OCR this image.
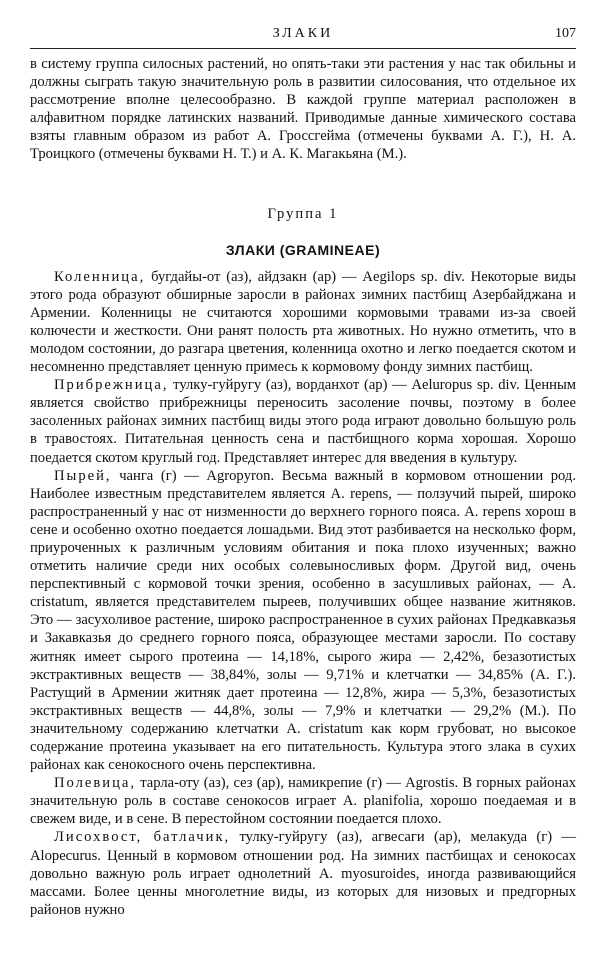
ЗЛАКИ	107

в систему группа силосных растений, но опять-таки эти растения у нас так обильны и должны сыграть такую значительную роль в развитии силосования, что отдельное их рассмотрение вполне целесообразно. В каждой группе материал расположен в алфавитном порядке латинских названий. Приводимые данные химического состава взяты главным образом из работ А. Гроссгейма (отмечены буквами А. Г.), Н. А. Троицкого (отмечены буквами Н. Т.) и А. К. Магакьяна (М.).

Группа 1
ЗЛАКИ (GRAMINEAE)

Коленница, бугдайы-от (аз), айдзакн (ар) — Aegilops sp. div. Некоторые виды этого рода образуют обширные заросли в районах зимних пастбищ Азербайджана и Армении. Коленницы не считаются хорошими кормовыми травами из-за своей колючести и жесткости. Они ранят полость рта животных. Но нужно отметить, что в молодом состоянии, до разгара цветения, коленница охотно и легко поедается скотом и несомненно представляет ценную примесь к кормовому фонду зимних пастбищ.

Прибрежница, тулку-гуйругу (аз), ворданхот (ар) — Aelurорus sp. div. Ценным является свойство прибрежницы переносить засоление почвы, поэтому в более засоленных районах зимних пастбищ виды этого рода играют довольно большую роль в травостоях. Питательная ценность сена и пастбищного корма хорошая. Хорошо поедается скотом круглый год. Представляет интерес для введения в культуру.

Пырей, чанга (г) — Agropyron. Весьма важный в кормовом отношении род. Наиболее известным представителем является A. repens, — ползучий пырей, широко распространенный у нас от низменности до верхнего горного пояса. A. repens хорош в сене и особенно охотно поедается лошадьми. Вид этот разбивается на несколько форм, приуроченных к различным условиям обитания и пока плохо изученных; важно отметить наличие среди них особых солевыносливых форм. Другой вид, очень перспективный с кормовой точки зрения, особенно в засушливых районах, — A. cristatum, является представителем пыреев, получивших общее название житняков. Это — засухоливое растение, широко распространенное в сухих районах Предкавказья и Закавказья до среднего горного пояса, образующее местами заросли. По составу житняк имеет сырого протеина — 14,18%, сырого жира — 2,42%, безазотистых экстрактивных веществ — 38,84%, золы — 9,71% и клетчатки — 34,85% (А. Г.). Растущий в Армении житняк дает протеина — 12,8%, жира — 5,3%, безазотистых экстрактивных веществ — 44,8%, золы — 7,9% и клетчатки — 29,2% (М.). По значительному содержанию клетчатки A. cristatum как корм грубоват, но высокое содержание протеина указывает на его питательность. Культура этого злака в сухих районах как сенокосного очень перспективна.

Полевица, тарла-оту (аз), сез (ар), намикрепие (г) — Agrostis. В горных районах значительную роль в составе сенокосов играет A. planifolia, хорошо поедаемая и в свежем виде, и в сене. В перестойном состоянии поедается плохо.

Лисохвост, батлачик, тулку-гуйругу (аз), агвесаги (ар), мелакуда (г) — Alopecurus. Ценный в кормовом отношении род. На зимних пастбищах и сенокосах довольно важную роль играет однолетний A. myosuroides, иногда развивающийся массами. Более ценны многолетние виды, из которых для низовых и предгорных районов нужно
